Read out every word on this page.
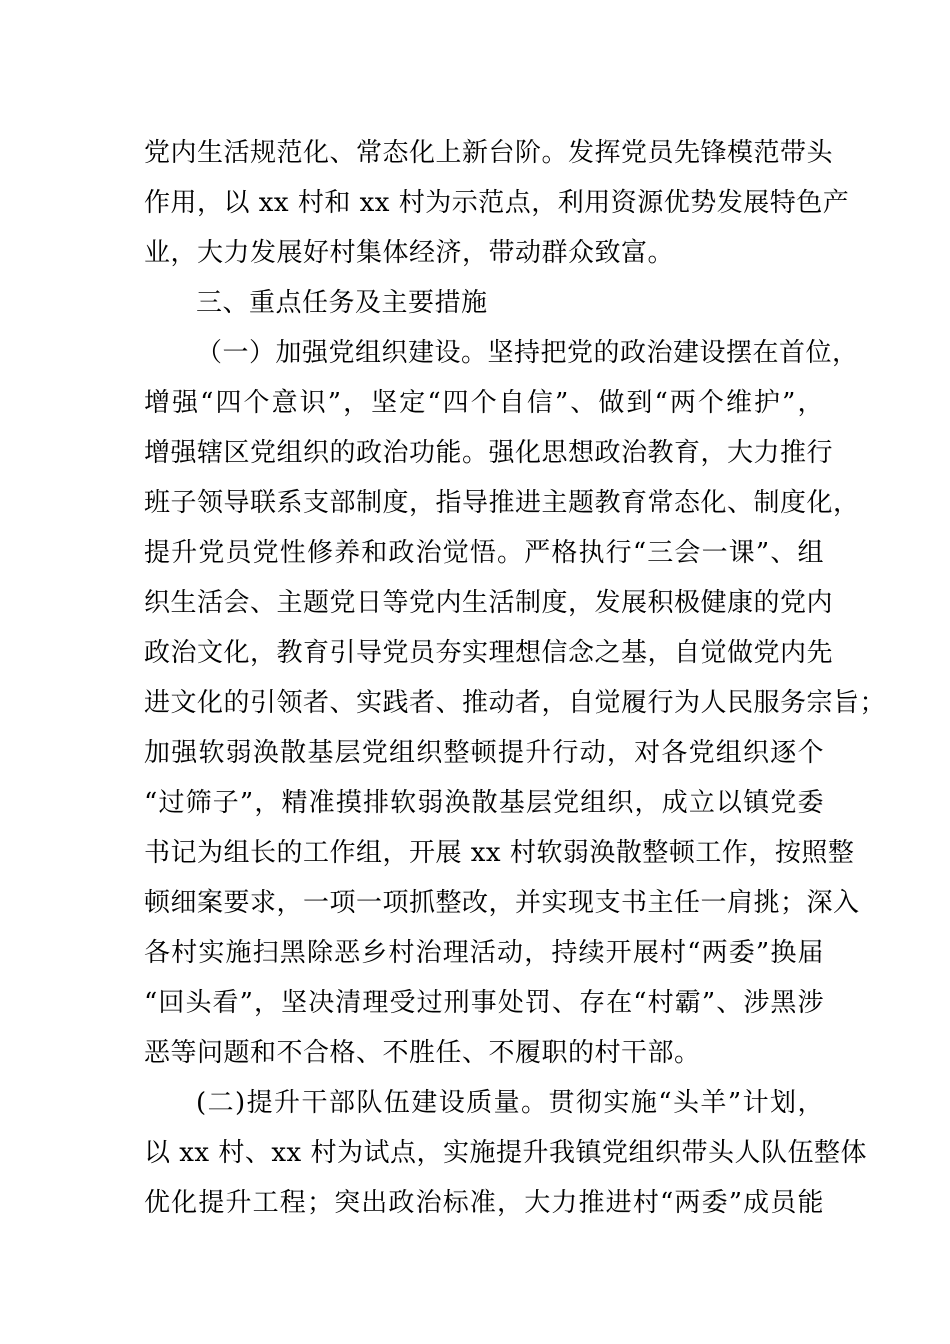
党内生活规范化、常态化上新台阶。发挥党员先锋模范带头
作用，以 xx 村和 xx 村为示范点，利用资源优势发展特色产
业，大力发展好村集体经济，带动群众致富。
三、重点任务及主要措施
（一）加强党组织建设。坚持把党的政治建设摆在首位，
增强“四个意识”，坚定“四个自信”、做到“两个维护”，
增强辖区党组织的政治功能。强化思想政治教育，大力推行
班子领导联系支部制度，指导推进主题教育常态化、制度化，
提升党员党性修养和政治觉悟。严格执行“三会一课”、组
织生活会、主题党日等党内生活制度，发展积极健康的党内
政治文化，教育引导党员夯实理想信念之基，自觉做党内先
进文化的引领者、实践者、推动者，自觉履行为人民服务宗旨；
加强软弱涣散基层党组织整顿提升行动，对各党组织逐个
“过筛子”，精准摸排软弱涣散基层党组织，成立以镇党委
书记为组长的工作组，开展 xx 村软弱涣散整顿工作，按照整
顿细案要求，一项一项抓整改，并实现支书主任一肩挑；深入
各村实施扫黑除恶乡村治理活动，持续开展村“两委”换届
“回头看”，坚决清理受过刑事处罚、存在“村霸”、涉黑涉
恶等问题和不合格、不胜任、不履职的村干部。
(二)提升干部队伍建设质量。贯彻实施“头羊”计划，
以 xx 村、xx 村为试点，实施提升我镇党组织带头人队伍整体
优化提升工程；突出政治标准，大力推进村“两委”成员能
